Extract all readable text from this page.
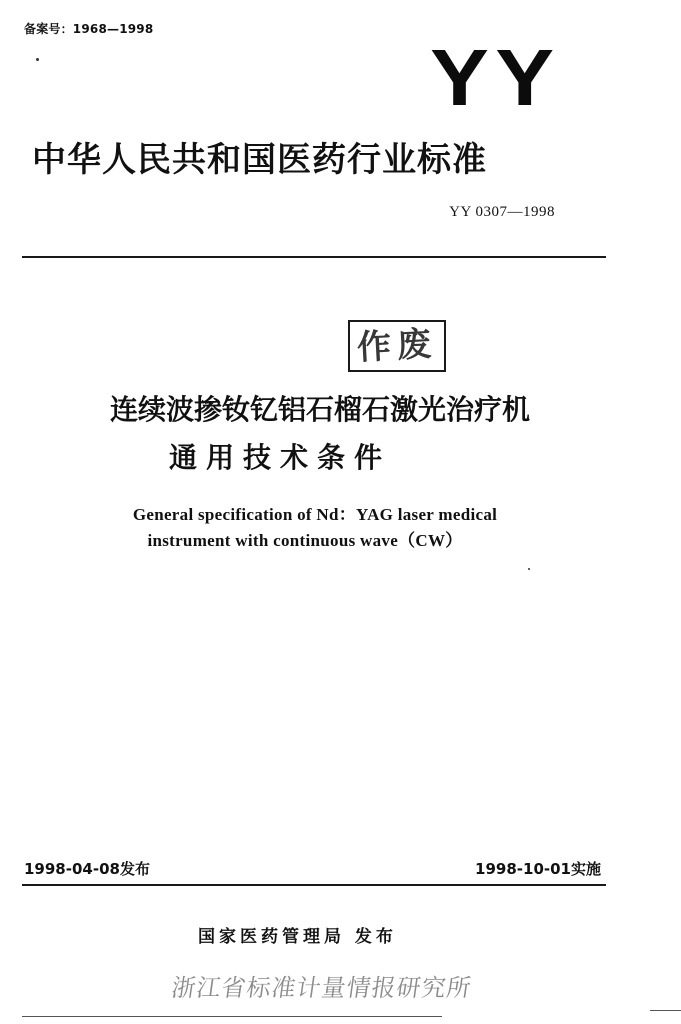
备案号：1968—1998
YY
中华人民共和国医药行业标准
YY 0307—1998
作废
连续波掺钕钇铝石榴石激光治疗机
通用技术条件
General specification of Nd：YAG laser medical
instrument with continuous wave（CW）
1998-04-08发布	1998-10-01实施
国家医药管理局 发布
浙江省标准计量情报研究所
